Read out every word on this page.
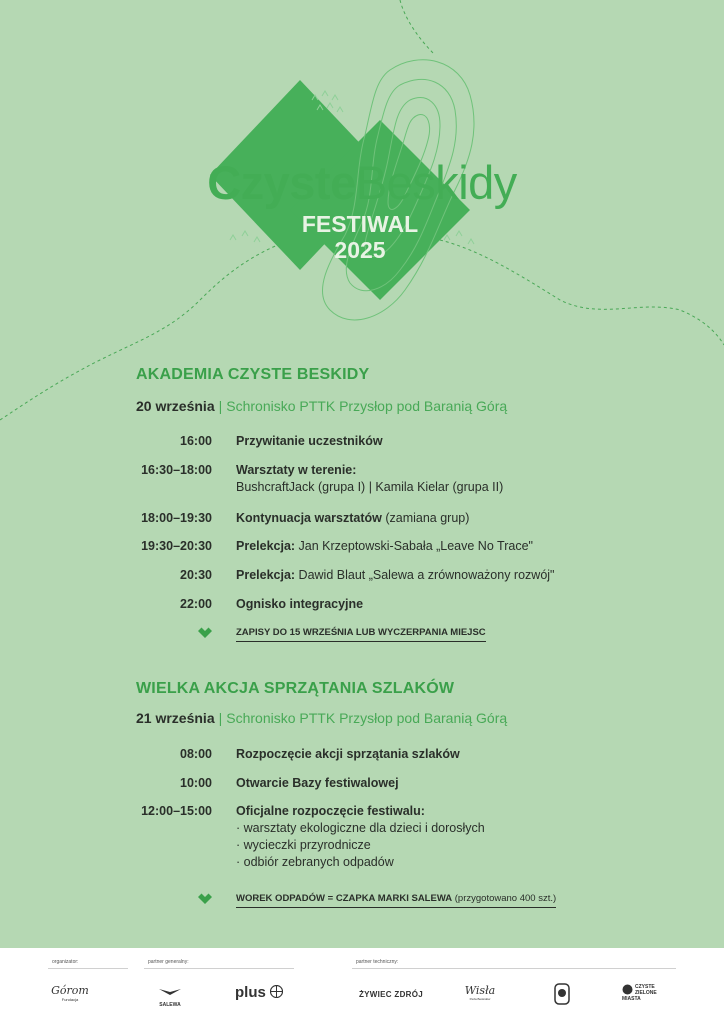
CzysteBeskidy
FESTIWAL
2025
AKADEMIA CZYSTE BESKIDY
20 września | Schronisko PTTK Przysłop pod Baranią Górą
16:00 Przywitanie uczestników
16:30–18:00 Warsztaty w terenie:
BushcraftJack (grupa I) | Kamila Kielar (grupa II)
18:00–19:30 Kontynuacja warsztatów (zamiana grup)
19:30–20:30 Prelekcja: Jan Krzeptowski-Sabała „Leave No Trace"
20:30 Prelekcja: Dawid Blaut „Salewa a zrównoważony rozwój"
22:00 Ognisko integracyjne
ZAPISY DO 15 WRZEŚNIA LUB WYCZERPANIA MIEJSC
WIELKA AKCJA SPRZĄTANIA SZLAKÓW
21 września | Schronisko PTTK Przysłop pod Baranią Górą
08:00 Rozpoczęcie akcji sprzątania szlaków
10:00 Otwarcie Bazy festiwalowej
12:00–15:00 Oficjalne rozpoczęcie festiwalu:
· warsztaty ekologiczne dla dzieci i dorosłych
· wycieczki przyrodnicze
· odbiór zebranych odpadów
WOREK ODPADÓW = CZAPKA MARKI SALEWA (przygotowano 400 szt.)
organizator:	partner generalny:	partner techniczny:
Górom
Fundacja
SALEWA
plus	ŻYWIEC ZDRÓJ	Wisła
Perła Beskidów
CZYSTE
ZIELONE
MIASTA
